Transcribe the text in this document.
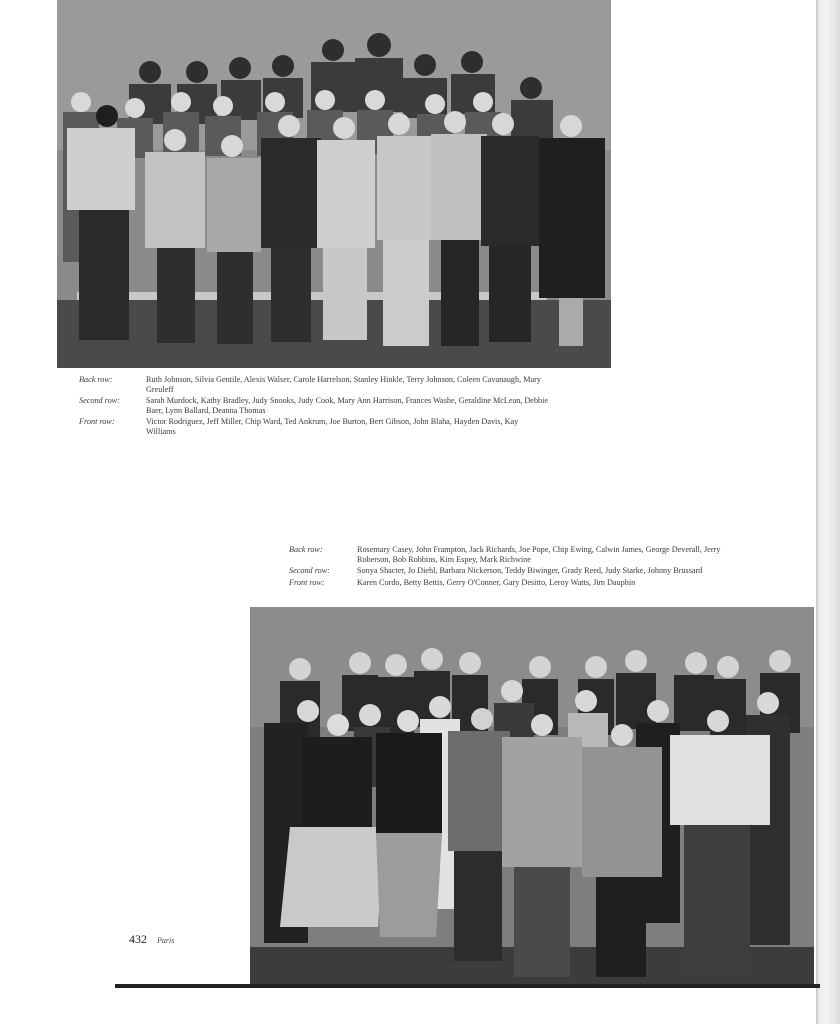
Back row:	Ruth Johnson, Silvia Gentile, Alexis Walser, Carole Harrelson, Stanley Hinkle, Terry Johnson, Coleen Cavanaugh, Mary Greuleff
Second row:	Sarah Murdock, Kathy Bradley, Judy Snooks, Judy Cook, Mary Ann Harrison, Frances Washe, Geraldine McLean, Debbie Baer, Lynn Ballard, Deanna Thomas
Front row:	Victor Rodriguez, Jeff Miller, Chip Ward, Ted Ankrum, Joe Burton, Bert Gibson, John Blaha, Hayden Davis, Kay Williams
Back row:	Rosemary Casey, John Frampton, Jack Richards, Joe Pope, Chip Ewing, Calwin James, George Deverall, Jerry Roberson, Bob Robbins, Kim Espey, Mark Richwine
Second row:	Sonya Shacter, Jo Diehl, Barbara Nickerson, Teddy Biwinger, Grady Reed, Judy Starke, Johnny Brussard
Front row:	Karen Cordo, Betty Bettis, Gerry O'Conner, Gary Desitto, Leroy Watts, Jim Dauphin
432 Paris
